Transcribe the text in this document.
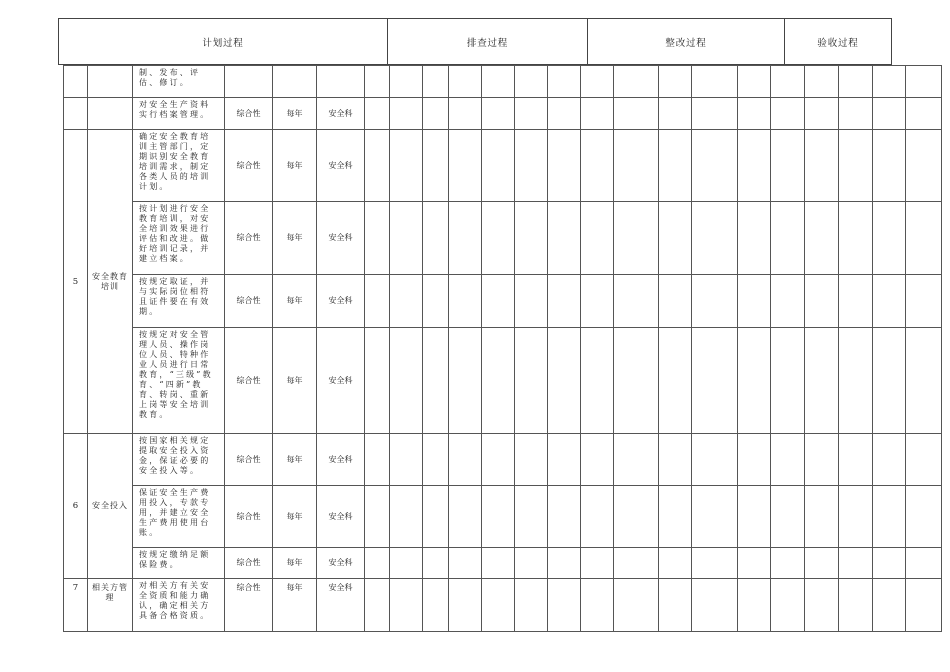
计划过程	排查过程	整改过程	验收过程
		制、发布、评估、修订。																				
		对安全生产资料实行档案管理。	综合性	每年	安全科																	
5	安全教育培训	确定安全教育培训主管部门，定期识别安全教育培训需求，制定各类人员的培训计划。	综合性	每年	安全科																	
		按计划进行安全教育培训，对安全培训效果进行评估和改进。做好培训记录，并建立档案。	综合性	每年	安全科																	
		按规定取证，并与实际岗位相符且证件要在有效期。	综合性	每年	安全科																	
		按规定对安全管理人员、操作岗位人员、特种作业人员进行日常教育，“三级”教育、“四新”教育、转岗、重新上岗等安全培训教育。	综合性	每年	安全科																	
6	安全投入	按国家相关规定提取安全投入资金，保证必要的安全投入等。	综合性	每年	安全科																	
		保证安全生产费用投入，专款专用，并建立安全生产费用使用台账。	综合性	每年	安全科																	
		按规定缴纳足额保险费。	综合性	每年	安全科																	
7	相关方管理	对相关方有关安全资质和能力确认，确定相关方具备合格资质。	综合性	每年	安全科																	
